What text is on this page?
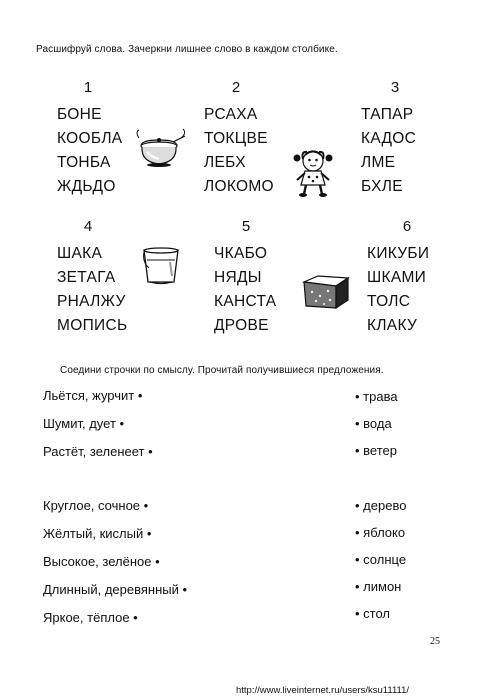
Расшифруй слова. Зачеркни лишнее слово в каждом столбике.
1	2	3
БОНЕ
КООБЛА
ТОНБА
ЖДЬДО
РСАХА
ТОКЦВЕ
ЛЕБХ
ЛОКОМО
ТАПАР
КАДОС
ЛМЕ
БХЛЕ
4	5	6
ШАКА
ЗЕТАГА
РНАЛЖУ
МОПИСЬ
ЧКАБО
НЯДЫ
КАНСТА
ДРОВЕ
КИКУБИ
ШКАМИ
ТОЛС
КЛАКУ
Соедини строчки по смыслу. Прочитай получившиеся предложения.
Льётся, журчит •
Шумит, дует •
Растёт, зеленеет •
• трава
• вода
• ветер
Круглое, сочное •
Жёлтый, кислый •
Высокое, зелёное •
Длинный, деревянный •
Яркое, тёплое •
• дерево
• яблоко
• солнце
• лимон
• стол
25
http://www.liveinternet.ru/users/ksu11111/
